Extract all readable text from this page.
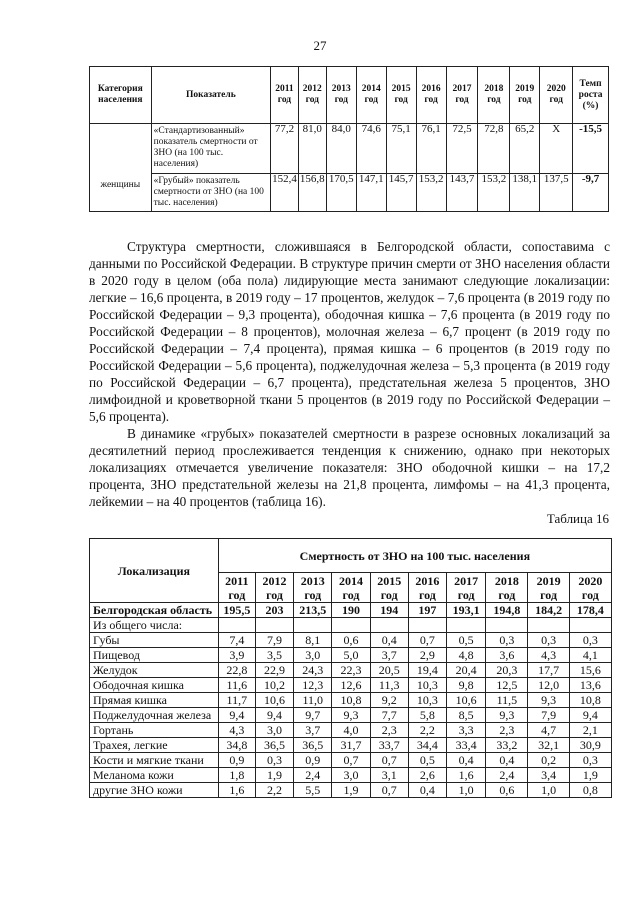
27
Категория населения	Показатель	2011 год	2012 год	2013 год	2014 год	2015 год	2016 год	2017 год	2018 год	2019 год	2020 год	Темп роста (%)
женщины	«Стандартизованный» показатель смертности от ЗНО (на 100 тыс. населения)	77,2	81,0	84,0	74,6	75,1	76,1	72,5	72,8	65,2	Х	-15,5
	«Грубый» показатель смертности от ЗНО (на 100 тыс. населения)	152,4	156,8	170,5	147,1	145,7	153,2	143,7	153,2	138,1	137,5	-9,7

Структура смертности, сложившаяся в Белгородской области, сопоставима с данными по Российской Федерации. В структуре причин смерти от ЗНО населения области в 2020 году в целом (оба пола) лидирующие места занимают следующие локализации: легкие – 16,6 процента, в 2019 году – 17 процентов, желудок – 7,6 процента (в 2019 году по Российской Федерации – 9,3 процента), ободочная кишка – 7,6 процента (в 2019 году по Российской Федерации – 8 процентов), молочная железа – 6,7 процент (в 2019 году по Российской Федерации – 7,4 процента), прямая кишка – 6 процентов (в 2019 году по Российской Федерации – 5,6 процента), поджелудочная железа – 5,3 процента (в 2019 году по Российской Федерации – 6,7 процента), предстательная железа 5 процентов, ЗНО лимфоидной и кроветворной ткани 5 процентов (в 2019 году по Российской Федерации – 5,6 процента).

В динамике «грубых» показателей смертности в разрезе основных локализаций за десятилетний период прослеживается тенденция к снижению, однако при некоторых локализациях отмечается увеличение показателя: ЗНО ободочной кишки – на 17,2 процента, ЗНО предстательной железы на 21,8 процента, лимфомы – на 41,3 процента, лейкемии – на 40 процентов (таблица 16).

Таблица 16
Локализация	Смертность от ЗНО на 100 тыс. населения									
	2011 год	2012 год	2013 год	2014 год	2015 год	2016 год	2017 год	2018 год	2019 год	2020 год
Белгородская область	195,5	203	213,5	190	194	197	193,1	194,8	184,2	178,4
Из общего числа:										
Губы	7,4	7,9	8,1	0,6	0,4	0,7	0,5	0,3	0,3	0,3
Пищевод	3,9	3,5	3,0	5,0	3,7	2,9	4,8	3,6	4,3	4,1
Желудок	22,8	22,9	24,3	22,3	20,5	19,4	20,4	20,3	17,7	15,6
Ободочная кишка	11,6	10,2	12,3	12,6	11,3	10,3	9,8	12,5	12,0	13,6
Прямая кишка	11,7	10,6	11,0	10,8	9,2	10,3	10,6	11,5	9,3	10,8
Поджелудочная железа	9,4	9,4	9,7	9,3	7,7	5,8	8,5	9,3	7,9	9,4
Гортань	4,3	3,0	3,7	4,0	2,3	2,2	3,3	2,3	4,7	2,1
Трахея, легкие	34,8	36,5	36,5	31,7	33,7	34,4	33,4	33,2	32,1	30,9
Кости и мягкие ткани	0,9	0,3	0,9	0,7	0,7	0,5	0,4	0,4	0,2	0,3
Меланома кожи	1,8	1,9	2,4	3,0	3,1	2,6	1,6	2,4	3,4	1,9
другие ЗНО кожи	1,6	2,2	5,5	1,9	0,7	0,4	1,0	0,6	1,0	0,8
